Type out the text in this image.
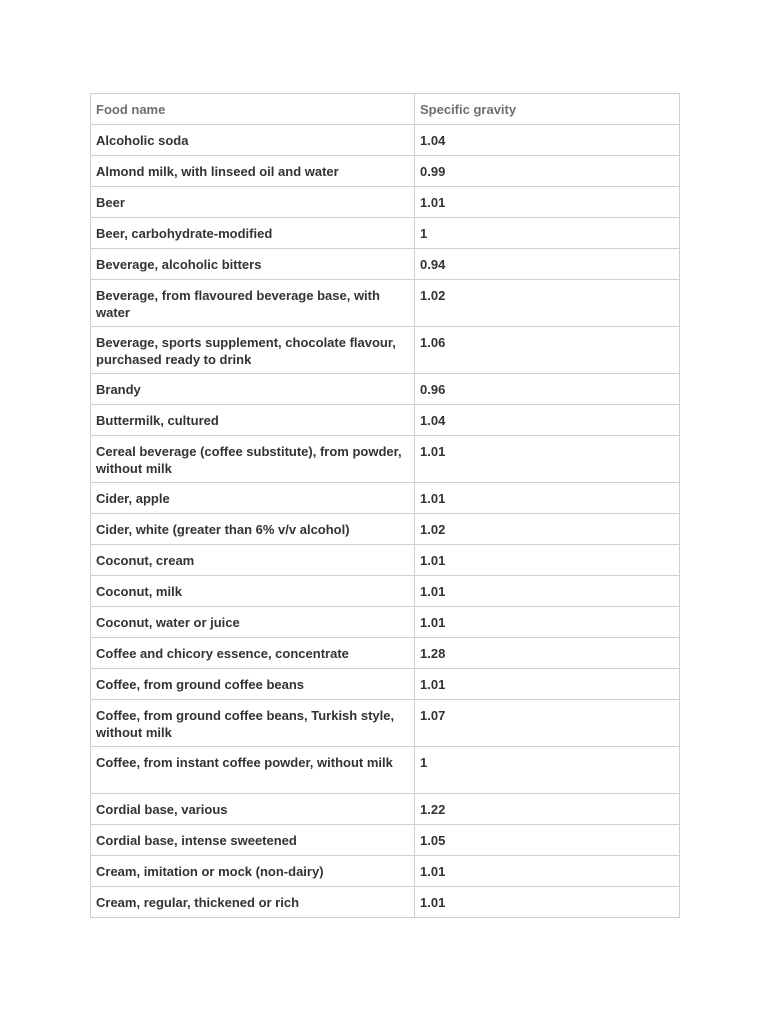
Food name	Specific gravity
Alcoholic soda	1.04
Almond milk, with linseed oil and water	0.99
Beer	1.01
Beer, carbohydrate-modified	1
Beverage, alcoholic bitters	0.94
Beverage, from flavoured beverage base, with water	1.02
Beverage, sports supplement, chocolate flavour, purchased ready to drink	1.06
Brandy	0.96
Buttermilk, cultured	1.04
Cereal beverage (coffee substitute), from powder, without milk	1.01
Cider, apple	1.01
Cider, white (greater than 6% v/v alcohol)	1.02
Coconut, cream	1.01
Coconut, milk	1.01
Coconut, water or juice	1.01
Coffee and chicory essence, concentrate	1.28
Coffee, from ground coffee beans	1.01
Coffee, from ground coffee beans, Turkish style, without milk	1.07
Coffee, from instant coffee powder, without milk	1
Cordial base, various	1.22
Cordial base, intense sweetened	1.05
Cream, imitation or mock (non-dairy)	1.01
Cream, regular, thickened or rich	1.01
